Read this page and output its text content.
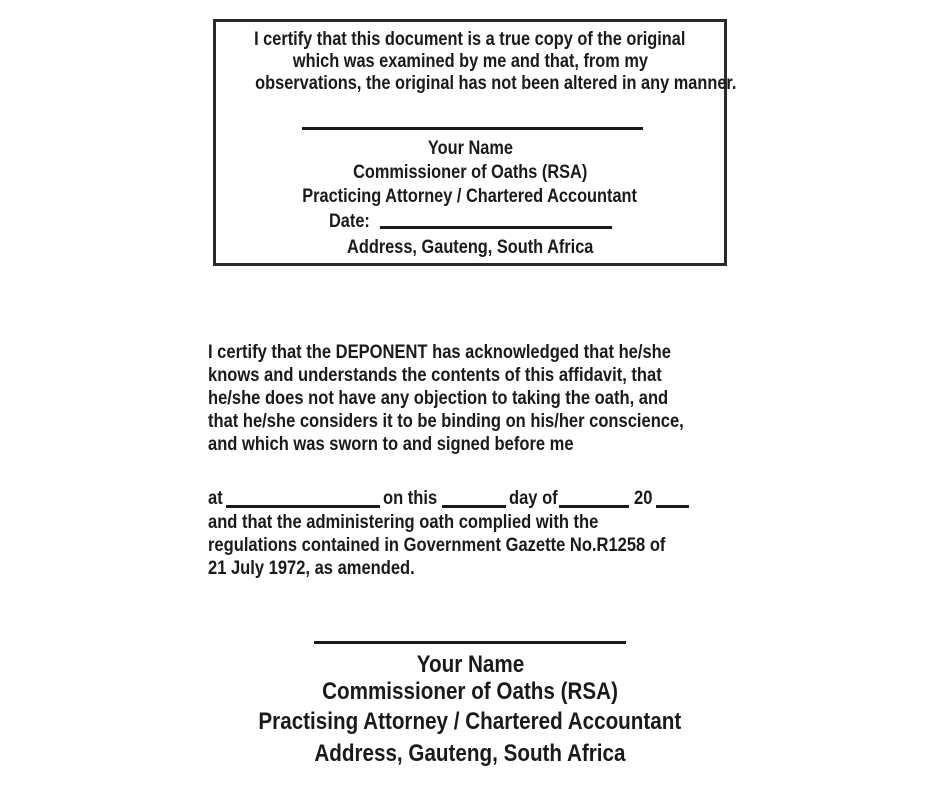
I certify that this document is a true copy of the original
which was examined by me and that, from my
observations, the original has not been altered in any manner.
Your Name
Commissioner of Oaths (RSA)
Practicing Attorney / Chartered Accountant
Date:
Address, Gauteng, South Africa
I certify that the DEPONENT has acknowledged that he/she
knows and understands the contents of this affidavit, that
he/she does not have any objection to taking the oath, and
that he/she considers it to be binding on his/her conscience,
and which was sworn to and signed before me
at	on this	day of	20
and that the administering oath complied with the
regulations contained in Government Gazette No.R1258 of
21 July 1972, as amended.
Your Name
Commissioner of Oaths (RSA)
Practising Attorney / Chartered Accountant
Address, Gauteng, South Africa
